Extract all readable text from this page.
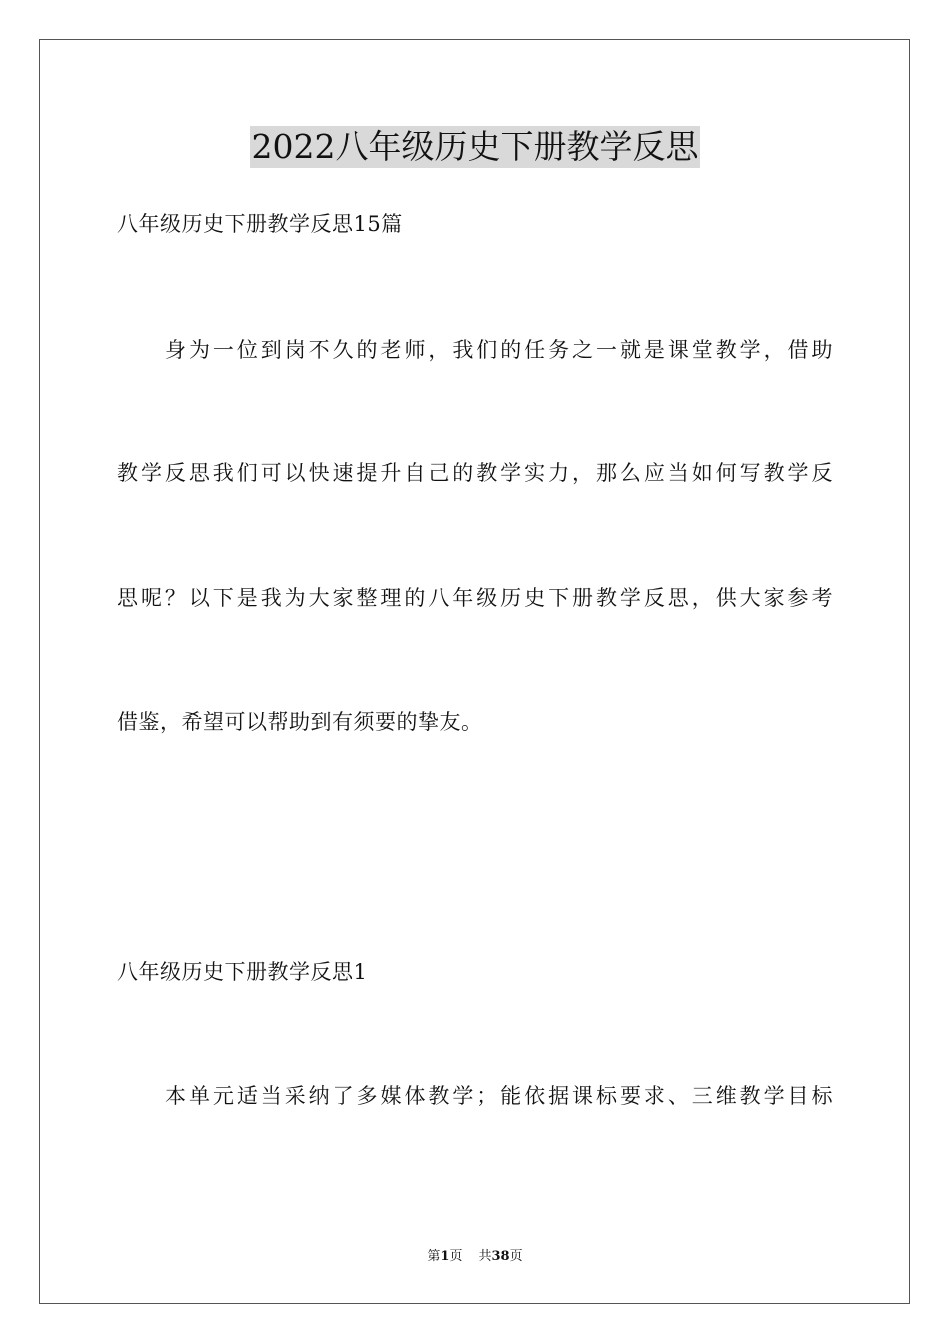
2022八年级历史下册教学反思
八年级历史下册教学反思15篇
身为一位到岗不久的老师，我们的任务之一就是课堂教学，借助
教学反思我们可以快速提升自己的教学实力，那么应当如何写教学反
思呢？以下是我为大家整理的八年级历史下册教学反思，供大家参考
借鉴，希望可以帮助到有须要的挚友。
八年级历史下册教学反思1
本单元适当采纳了多媒体教学；能依据课标要求、三维教学目标
第1页 共38页
